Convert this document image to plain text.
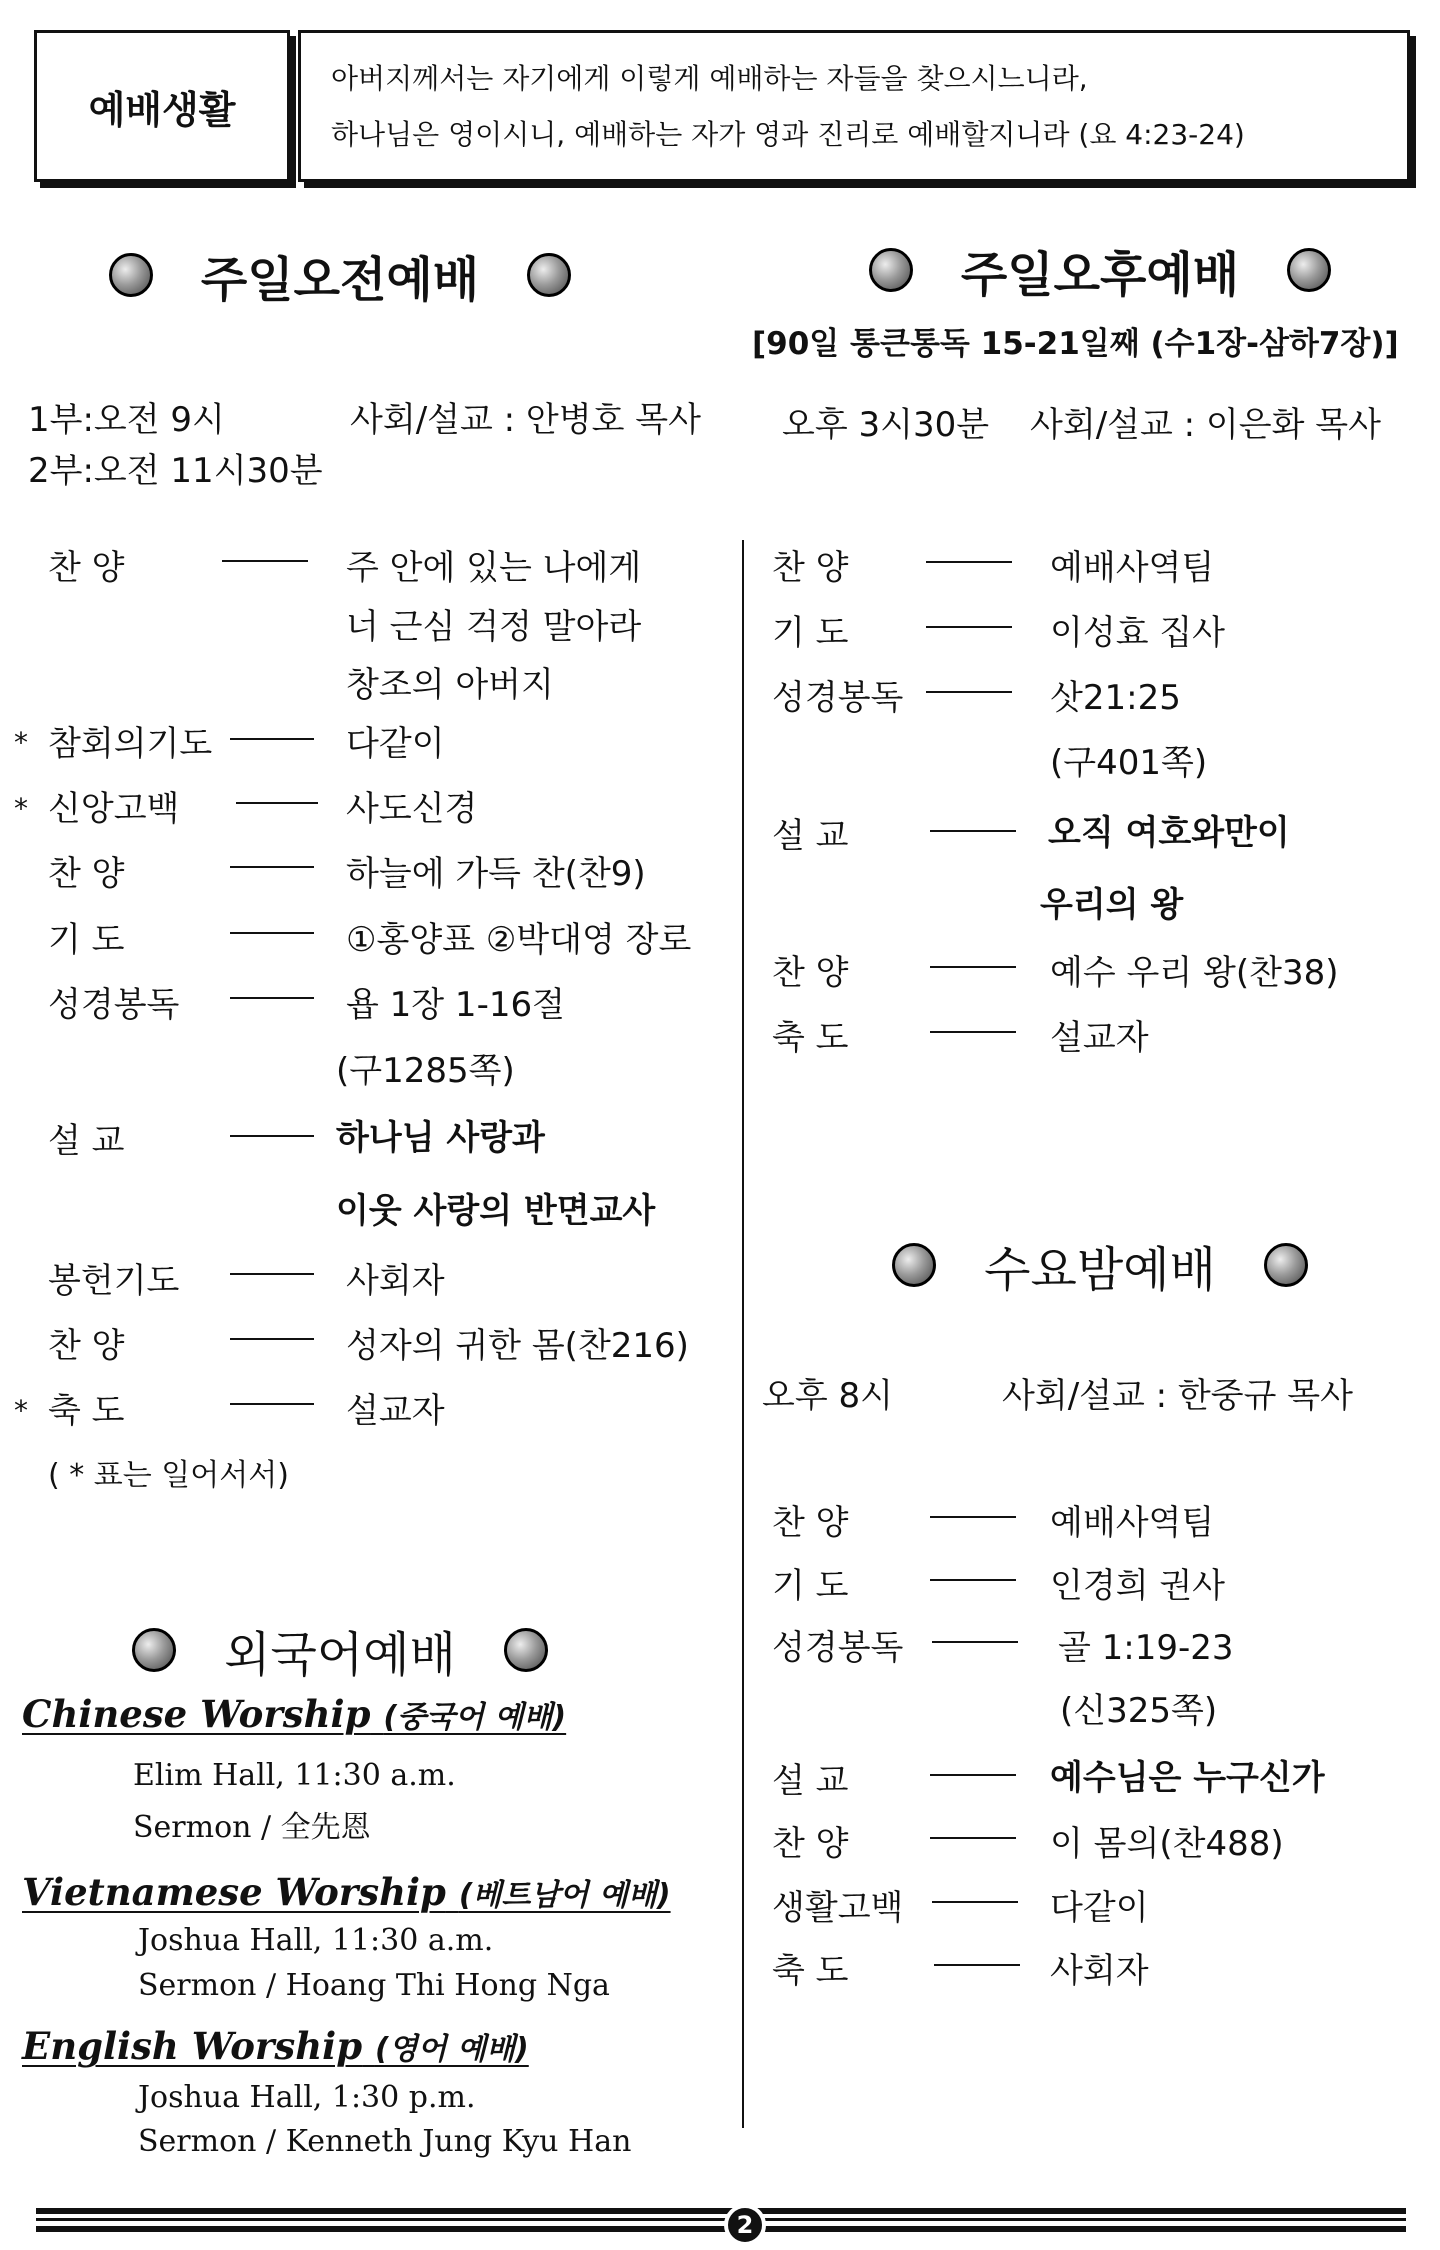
예배생활
아버지께서는 자기에게 이렇게 예배하는 자들을 찾으시느니라,
하나님은 영이시니, 예배하는 자가 영과 진리로 예배할지니라 (요 4:23-24)
주일오전예배
1부:오전 9시	사회/설교 : 안병호 목사
2부:오전 11시30분
찬 양	주 안에 있는 나에게
너 근심 걱정 말아라
창조의 아버지
* 참회의기도	다같이
* 신앙고백	사도신경
찬 양	하늘에 가득 찬(찬9)
기 도	①홍양표 ②박대영 장로
성경봉독	욥 1장 1-16절
(구1285쪽)
설 교	하나님 사랑과
이웃 사랑의 반면교사
봉헌기도	사회자
찬 양	성자의 귀한 몸(찬216)
* 축 도	설교자
( * 표는 일어서서)
외국어예배
Chinese Worship (중국어 예배)
Elim Hall, 11:30 a.m.
Sermon / 全先恩
Vietnamese Worship (베트남어 예배)
Joshua Hall, 11:30 a.m.
Sermon / Hoang Thi Hong Nga
English Worship (영어 예배)
Joshua Hall, 1:30 p.m.
Sermon / Kenneth Jung Kyu Han
주일오후예배
[90일 통큰통독 15-21일째 (수1장-삼하7장)]
오후 3시30분 사회/설교 : 이은화 목사
찬 양	예배사역팀
기 도	이성효 집사
성경봉독	삿21:25
(구401쪽)
설 교	오직 여호와만이
우리의 왕
찬 양	예수 우리 왕(찬38)
축 도	설교자
수요밤예배
오후 8시	사회/설교 : 한중규 목사
찬 양	예배사역팀
기 도	인경희 권사
성경봉독	골 1:19-23
(신325쪽)
설 교	예수님은 누구신가
찬 양	이 몸의(찬488)
생활고백	다같이
축 도	사회자
2
